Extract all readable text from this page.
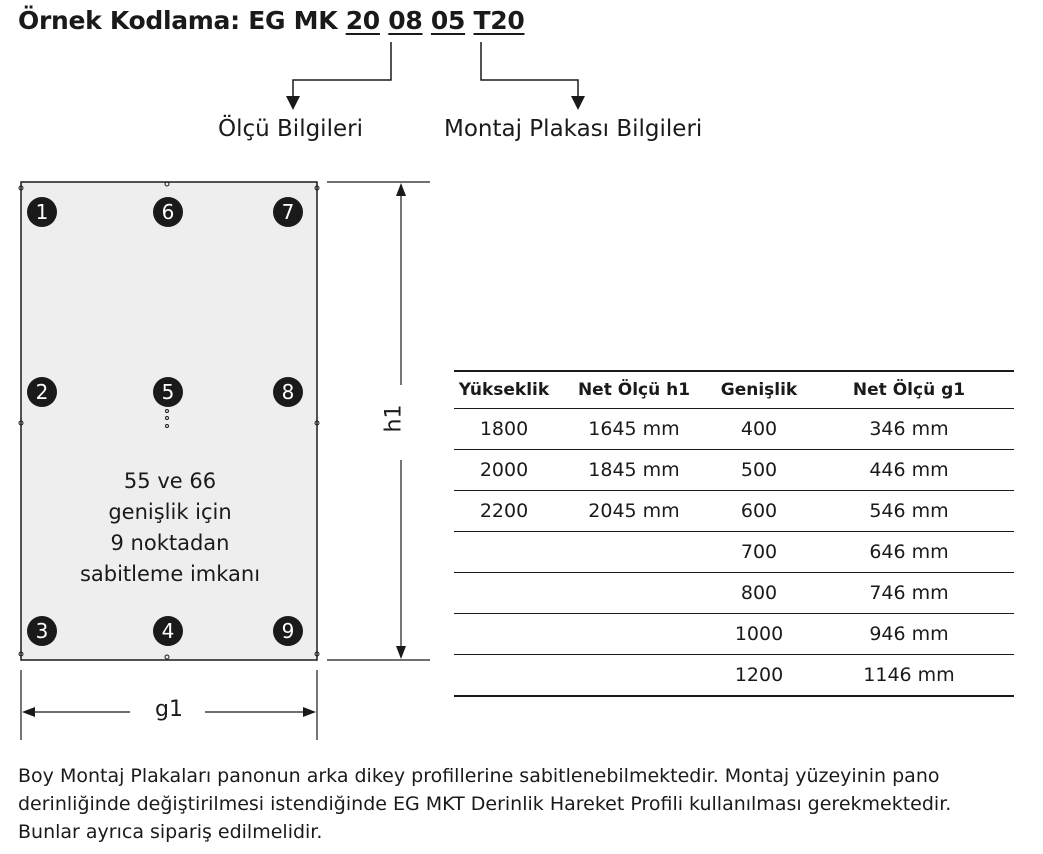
Örnek Kodlama: EG MK 20 08 05 T20
Ölçü Bilgileri	Montaj Plakası Bilgileri
1
2
3	4
5
6	7
8
9
55 ve 66
genişlik için
9 noktadan
sabitleme imkanı
g1
h1
Yükseklik	Net Ölçü h1	Genişlik	Net Ölçü g1
1800	1645 mm	400	346 mm
2000	1845 mm	500	446 mm
2200	2045 mm	600	546 mm
		700	646 mm
		800	746 mm
		1000	946 mm
		1200	1146 mm
Boy Montaj Plakaları panonun arka dikey profillerine sabitlenebilmektedir. Montaj yüzeyinin pano
derinliğinde değiştirilmesi istendiğinde EG MKT Derinlik Hareket Profili kullanılması gerekmektedir.
Bunlar ayrıca sipariş edilmelidir.
